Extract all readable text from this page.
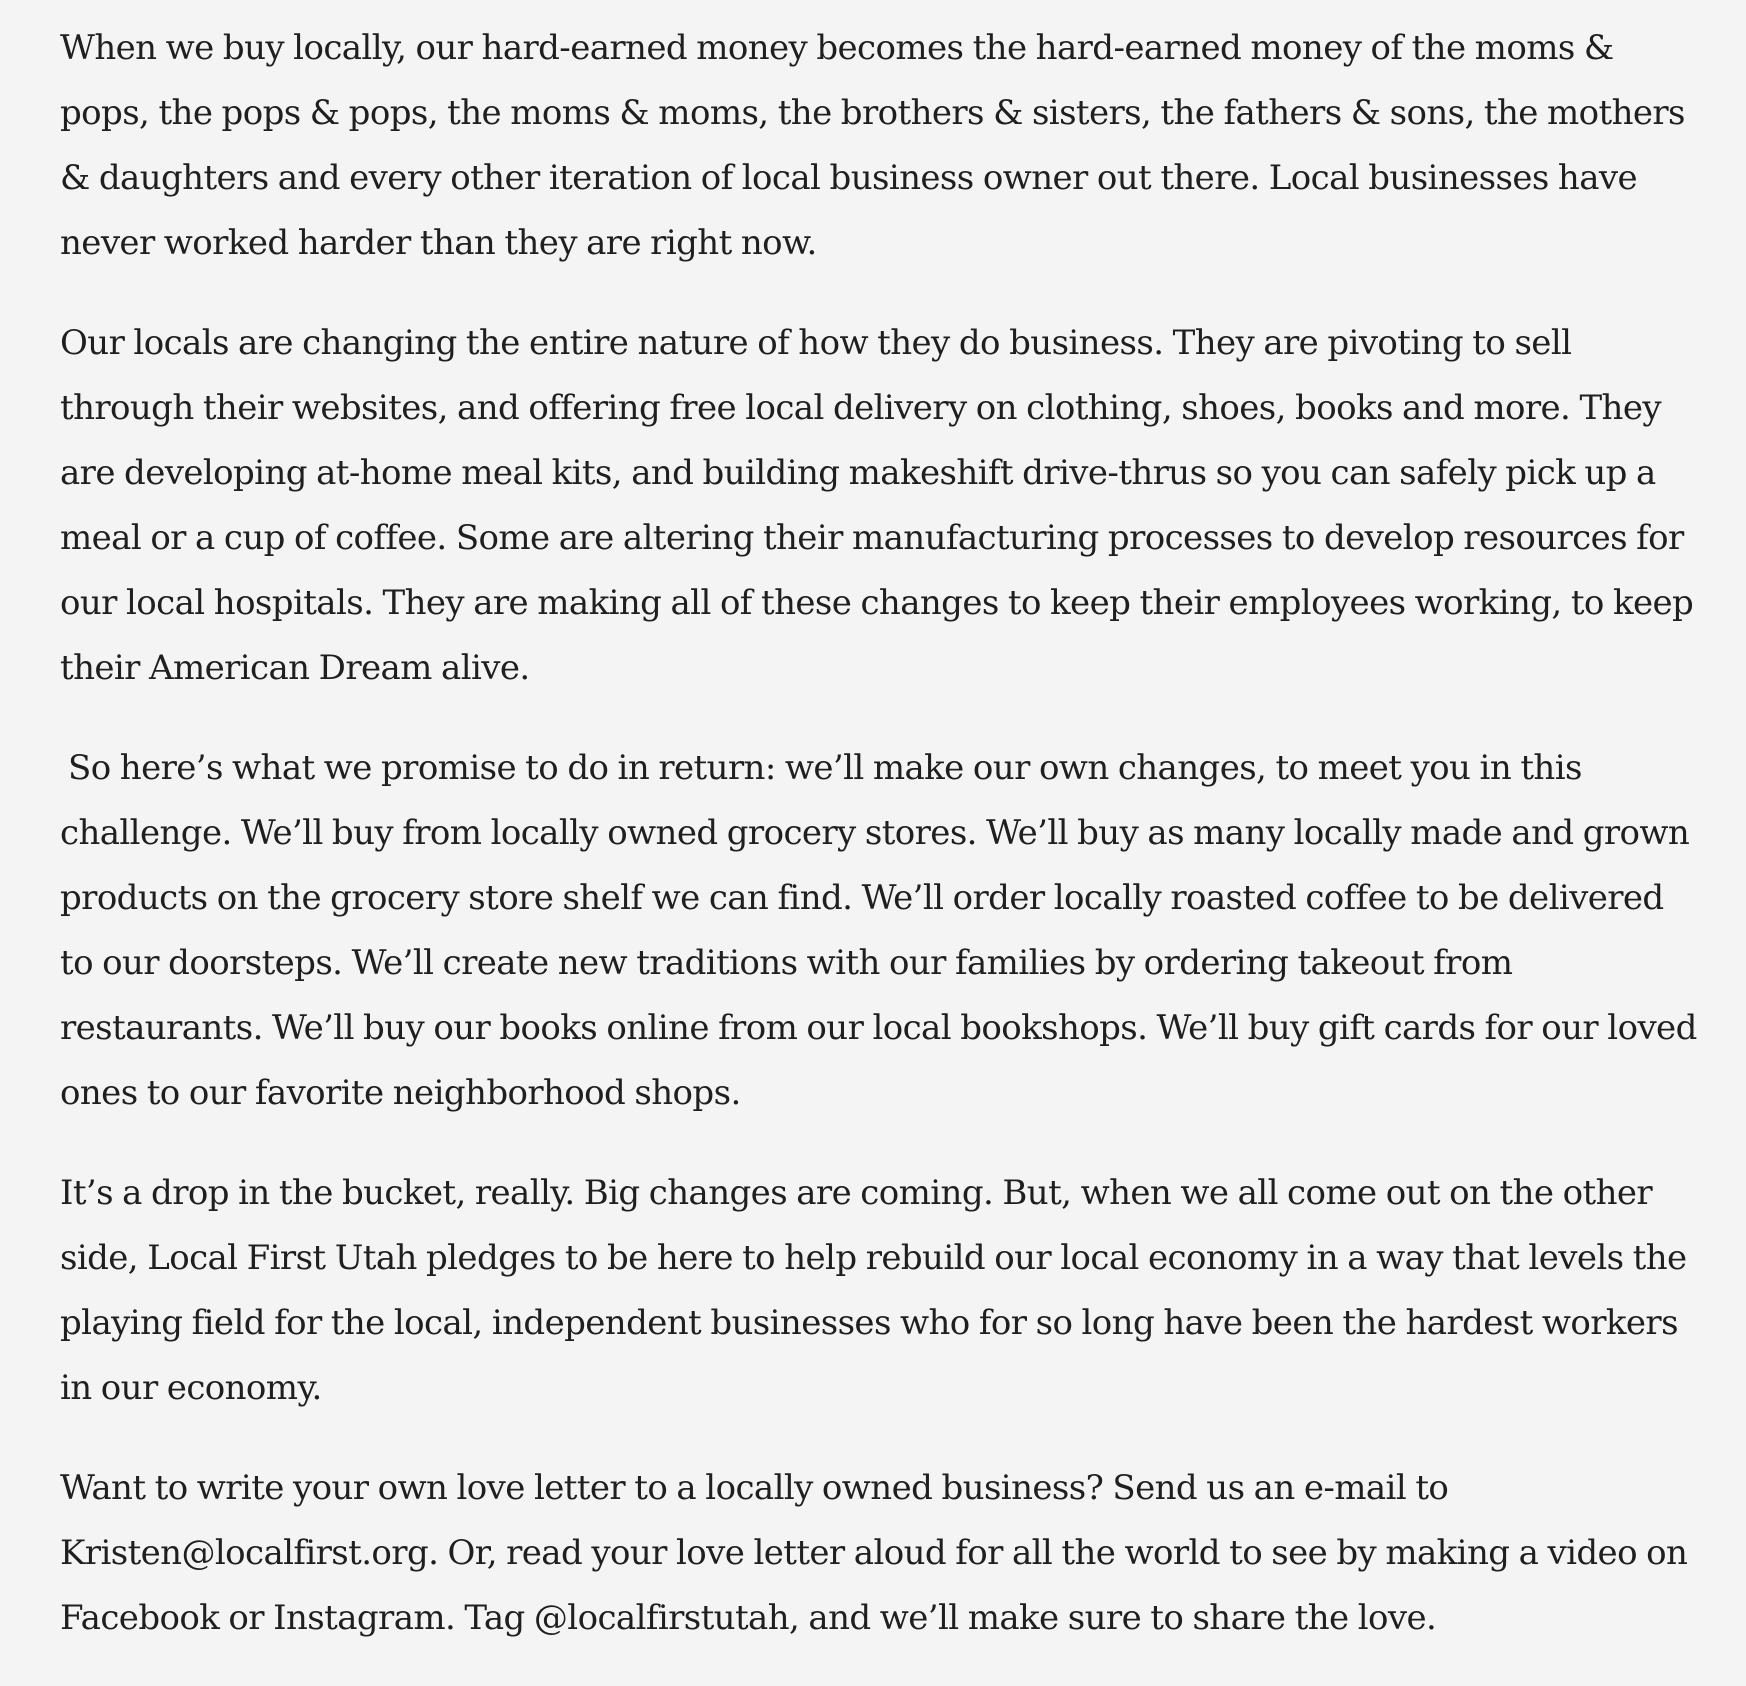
When we buy locally, our hard-earned money becomes the hard-earned money of the moms & pops, the pops & pops, the moms & moms, the brothers & sisters, the fathers & sons, the mothers & daughters and every other iteration of local business owner out there. Local businesses have never worked harder than they are right now.

Our locals are changing the entire nature of how they do business. They are pivoting to sell through their websites, and offering free local delivery on clothing, shoes, books and more. They are developing at-home meal kits, and building makeshift drive-thrus so you can safely pick up a meal or a cup of coffee. Some are altering their manufacturing processes to develop resources for our local hospitals. They are making all of these changes to keep their employees working, to keep their American Dream alive.

So here’s what we promise to do in return: we’ll make our own changes, to meet you in this challenge. We’ll buy from locally owned grocery stores. We’ll buy as many locally made and grown products on the grocery store shelf we can find. We’ll order locally roasted coffee to be delivered to our doorsteps. We’ll create new traditions with our families by ordering takeout from restaurants. We’ll buy our books online from our local bookshops. We’ll buy gift cards for our loved ones to our favorite neighborhood shops.

It’s a drop in the bucket, really. Big changes are coming. But, when we all come out on the other side, Local First Utah pledges to be here to help rebuild our local economy in a way that levels the playing field for the local, independent businesses who for so long have been the hardest workers in our economy.

Want to write your own love letter to a locally owned business? Send us an e-mail to Kristen@localfirst.org. Or, read your love letter aloud for all the world to see by making a video on Facebook or Instagram. Tag @localfirstutah, and we’ll make sure to share the love.
